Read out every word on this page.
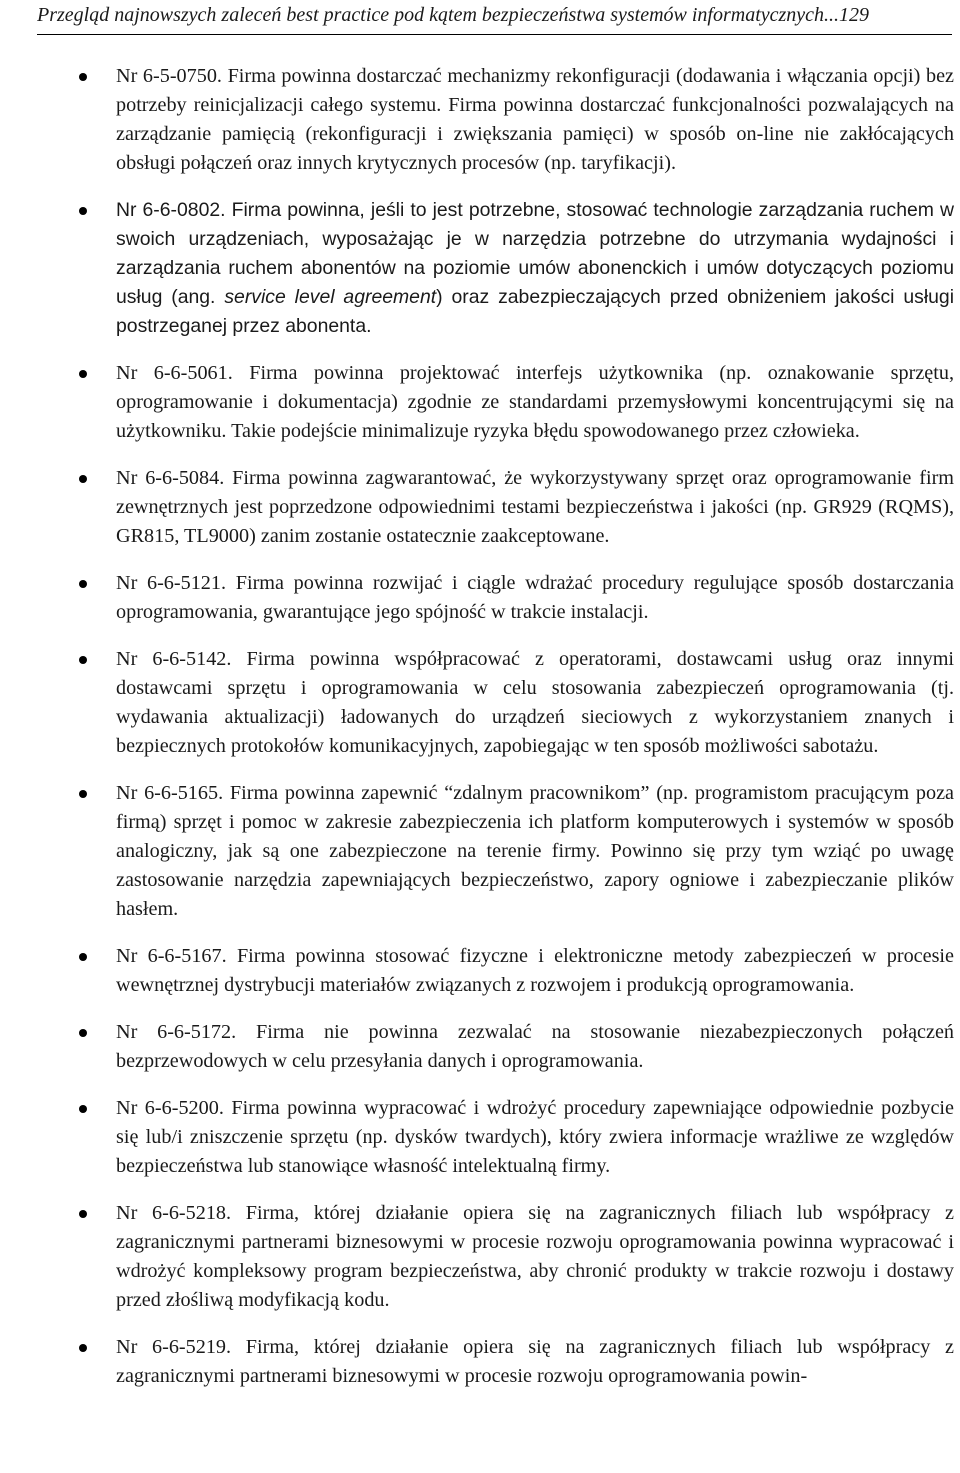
Przegląd najnowszych zaleceń best practice pod kątem bezpieczeństwa systemów informatycznych...129
Nr 6-5-0750. Firma powinna dostarczać mechanizmy rekonfiguracji (dodawania i włączania opcji) bez potrzeby reinicjalizacji całego systemu. Firma powinna dostarczać funkcjonalności pozwalających na zarządzanie pamięcią (rekonfiguracji i zwiększania pamięci) w sposób on-line nie zakłócających obsługi połączeń oraz innych krytycznych procesów (np. taryfikacji).
Nr 6-6-0802. Firma powinna, jeśli to jest potrzebne, stosować technologie zarządzania ruchem w swoich urządzeniach, wyposażając je w narzędzia potrzebne do utrzymania wydajności i zarządzania ruchem abonentów na poziomie umów abonenckich i umów dotyczących poziomu usług (ang. service level agreement) oraz zabezpieczających przed obniżeniem jakości usługi postrzeganej przez abonenta.
Nr 6-6-5061. Firma powinna projektować interfejs użytkownika (np. oznakowanie sprzętu, oprogramowanie i dokumentacja) zgodnie ze standardami przemysłowymi koncentrującymi się na użytkowniku. Takie podejście minimalizuje ryzyka błędu spowodowanego przez człowieka.
Nr 6-6-5084. Firma powinna zagwarantować, że wykorzystywany sprzęt oraz oprogramowanie firm zewnętrznych jest poprzedzone odpowiednimi testami bezpieczeństwa i jakości (np. GR929 (RQMS), GR815, TL9000) zanim zostanie ostatecznie zaakceptowane.
Nr 6-6-5121. Firma powinna rozwijać i ciągle wdrażać procedury regulujące sposób dostarczania oprogramowania, gwarantujące jego spójność w trakcie instalacji.
Nr 6-6-5142. Firma powinna współpracować z operatorami, dostawcami usług oraz innymi dostawcami sprzętu i oprogramowania w celu stosowania zabezpieczeń oprogramowania (tj. wydawania aktualizacji) ładowanych do urządzeń sieciowych z wykorzystaniem znanych i bezpiecznych protokołów komunikacyjnych, zapobiegając w ten sposób możliwości sabotażu.
Nr 6-6-5165. Firma powinna zapewnić “zdalnym pracownikom” (np. programistom pracującym poza firmą) sprzęt i pomoc w zakresie zabezpieczenia ich platform komputerowych i systemów w sposób analogiczny, jak są one zabezpieczone na terenie firmy. Powinno się przy tym wziąć po uwagę zastosowanie narzędzia zapewniających bezpieczeństwo, zapory ogniowe i zabezpieczanie plików hasłem.
Nr 6-6-5167. Firma powinna stosować fizyczne i elektroniczne metody zabezpieczeń w procesie wewnętrznej dystrybucji materiałów związanych z rozwojem i produkcją oprogramowania.
Nr 6-6-5172. Firma nie powinna zezwalać na stosowanie niezabezpieczonych połączeń bezprzewodowych w celu przesyłania danych i oprogramowania.
Nr 6-6-5200. Firma powinna wypracować i wdrożyć procedury zapewniające odpowiednie pozbycie się lub/i zniszczenie sprzętu (np. dysków twardych), który zwiera informacje wrażliwe ze względów bezpieczeństwa lub stanowiące własność intelektualną firmy.
Nr 6-6-5218. Firma, której działanie opiera się na zagranicznych filiach lub współpracy z zagranicznymi partnerami biznesowymi w procesie rozwoju oprogramowania powinna wypracować i wdrożyć kompleksowy program bezpieczeństwa, aby chronić produkty w trakcie rozwoju i dostawy przed złośliwą modyfikacją kodu.
Nr 6-6-5219. Firma, której działanie opiera się na zagranicznych filiach lub współpracy z zagranicznymi partnerami biznesowymi w procesie rozwoju oprogramowania powin-
